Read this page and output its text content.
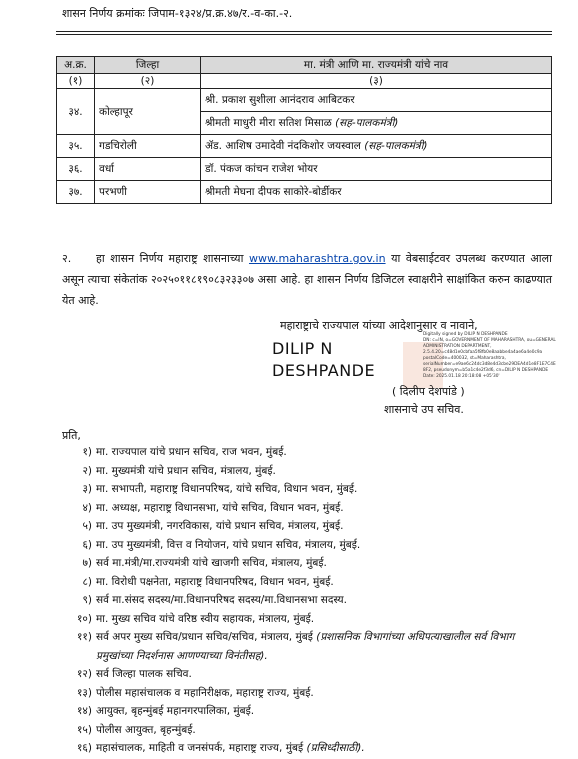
शासन निर्णय क्रमांकः जिपाम-१३२४/प्र.क्र.४७/र.-व-का.-२.
अ.क्र.	जिल्हा	मा. मंत्री आणि मा. राज्यमंत्री यांचे नाव
(१)	(२)	(३)
३४.	कोल्हापूर	श्री. प्रकाश सुशीला आनंदराव आबिटकर
		श्रीमती माधुरी मीरा सतिश मिसाळ (सह-पालकमंत्री)
३५.	गडचिरोली	ॲड. आशिष उमादेवी नंदकिशोर जयस्वाल (सह-पालकमंत्री)
३६.	वर्धा	डॉ. पंकज कांचन राजेश भोयर
३७.	परभणी	श्रीमती मेघना दीपक साकोरे-बोर्डीकर
२. हा शासन निर्णय महाराष्ट्र शासनाच्या www.maharashtra.gov.in या वेबसाईटवर उपलब्ध करण्यात आला असून त्याचा संकेतांक २०२५०११८१९०८३२३३०७ असा आहे. हा शासन निर्णय डिजिटल स्वाक्षरीने साक्षांकित करुन काढण्यात येत आहे.
महाराष्ट्राचे राज्यपाल यांच्या आदेशानुसार व नावाने,
DILIP N
DESHPANDE
Digitally signed by DILIP N DESHPANDE
DN: c=IN, o=GOVERNMENT OF MAHARASHTRA, ou=GENERAL ADMINISTRATION DEPARTMENT,
2.5.4.20=c48d1e0cbfaa5f8fb0e8aabbe4a4ae6a4e0c9a
postalCode=400032, st=Maharashtra,
serialNumber=e9ae6c24dc3d8e4d3cbe29DEA4d1e8F1E7C4E
8F2, pseudonym=b5a1c4e2f3d6, cn=DILIP N DESHPANDE
Date: 2025.01.18 20:18:08 +05'30'
( दिलीप देशपांडे )
शासनाचे उप सचिव.
प्रति,
१) मा. राज्यपाल यांचे प्रधान सचिव, राज भवन, मुंबई.
२) मा. मुख्यमंत्री यांचे प्रधान सचिव, मंत्रालय, मुंबई.
३) मा. सभापती, महाराष्ट्र विधानपरिषद, यांचे सचिव, विधान भवन, मुंबई.
४) मा. अध्यक्ष, महाराष्ट्र विधानसभा, यांचे सचिव, विधान भवन, मुंबई.
५) मा. उप मुख्यमंत्री, नगरविकास, यांचे प्रधान सचिव, मंत्रालय, मुंबई.
६) मा. उप मुख्यमंत्री, वित्त व नियोजन, यांचे प्रधान सचिव, मंत्रालय, मुंबई.
७) सर्व मा.मंत्री/मा.राज्यमंत्री यांचे खाजगी सचिव, मंत्रालय, मुंबई.
८) मा. विरोधी पक्षनेता, महाराष्ट्र विधानपरिषद, विधान भवन, मुंबई.
९) सर्व मा.संसद सदस्य/मा.विधानपरिषद सदस्य/मा.विधानसभा सदस्य.
१०) मा. मुख्य सचिव यांचे वरिष्ठ स्वीय सहायक, मंत्रालय, मुंबई.
११) सर्व अपर मुख्य सचिव/प्रधान सचिव/सचिव, मंत्रालय, मुंबई (प्रशासनिक विभागांच्या अधिपत्याखालील सर्व विभाग प्रमुखांच्या निदर्शनास आणण्याच्या विनंतीसह).
१२) सर्व जिल्हा पालक सचिव.
१३) पोलीस महासंचालक व महानिरीक्षक, महाराष्ट्र राज्य, मुंबई.
१४) आयुक्त, बृहन्मुंबई महानगरपालिका, मुंबई.
१५) पोलीस आयुक्त, बृहन्मुंबई.
१६) महासंचालक, माहिती व जनसंपर्क, महाराष्ट्र राज्य, मुंबई (प्रसिध्दीसाठी).
